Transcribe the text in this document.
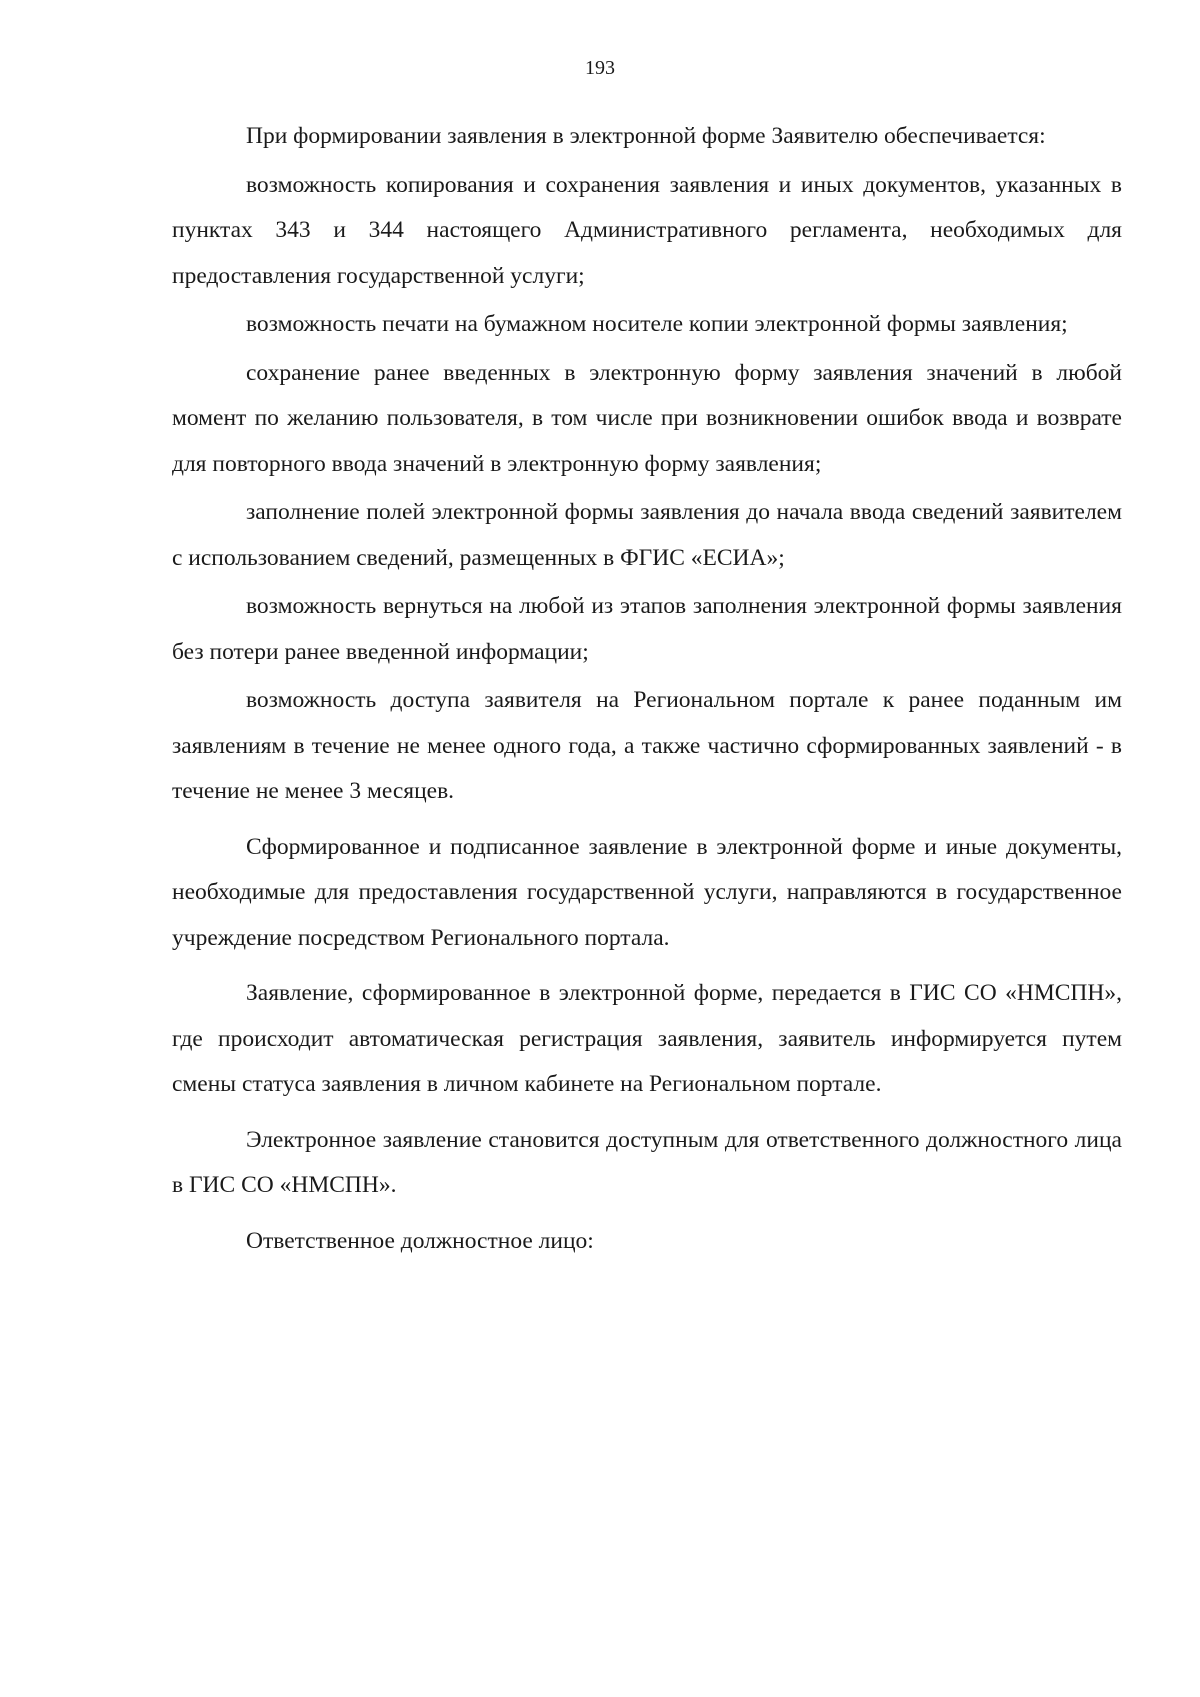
193

При формировании заявления в электронной форме Заявителю обеспечивается:

возможность копирования и сохранения заявления и иных документов, указанных в пунктах 343 и 344 настоящего Административного регламента, необходимых для предоставления государственной услуги;

возможность печати на бумажном носителе копии электронной формы заявления;

сохранение ранее введенных в электронную форму заявления значений в любой момент по желанию пользователя, в том числе при возникновении ошибок ввода и возврате для повторного ввода значений в электронную форму заявления;

заполнение полей электронной формы заявления до начала ввода сведений заявителем с использованием сведений, размещенных в ФГИС «ЕСИА»;

возможность вернуться на любой из этапов заполнения электронной формы заявления без потери ранее введенной информации;

возможность доступа заявителя на Региональном портале к ранее поданным им заявлениям в течение не менее одного года, а также частично сформированных заявлений - в течение не менее 3 месяцев.

Сформированное и подписанное заявление в электронной форме и иные документы, необходимые для предоставления государственной услуги, направляются в государственное учреждение посредством Регионального портала.

Заявление, сформированное в электронной форме, передается в ГИС СО «НМСПН», где происходит автоматическая регистрация заявления, заявитель информируется путем смены статуса заявления в личном кабинете на Региональном портале.

Электронное заявление становится доступным для ответственного должностного лица в ГИС СО «НМСПН».

Ответственное должностное лицо:
